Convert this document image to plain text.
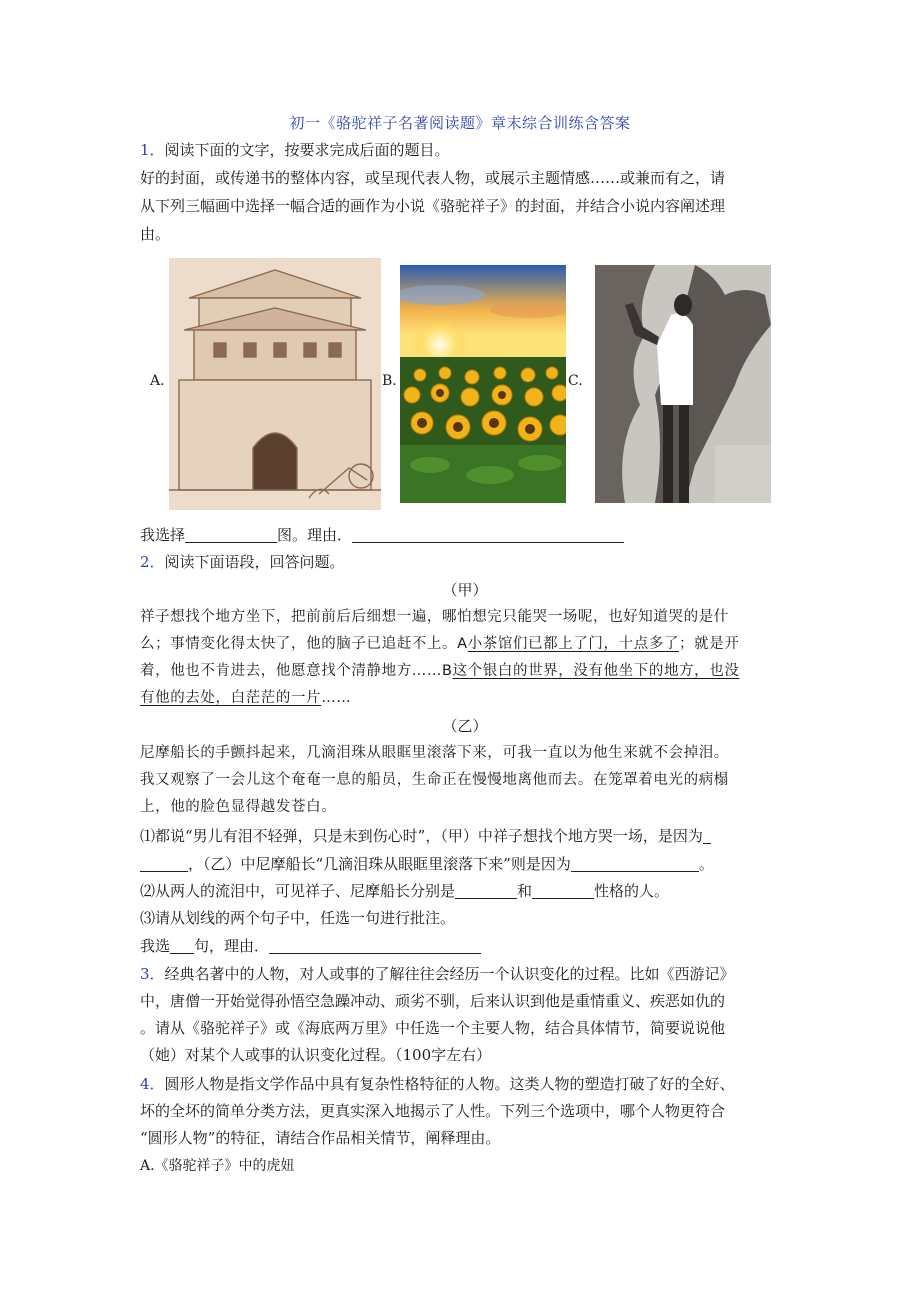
初一《骆驼祥子名著阅读题》章末综合训练含答案
1．阅读下面的文字，按要求完成后面的题目。
好的封面，或传递书的整体内容，或呈现代表人物，或展示主题情感……或兼而有之，请
从下列三幅画中选择一幅合适的画作为小说《骆驼祥子》的封面，并结合小说内容阐述理
由。
A.	B.	C.
我选择	图。理由．
2．阅读下面语段，回答问题。
（甲）
祥子想找个地方坐下，把前前后后细想一遍，哪怕想完只能哭一场呢，也好知道哭的是什
么；事情变化得太快了，他的脑子已追赶不上。A小茶馆们已都上了门，十点多了；就是开
着，他也不肯进去，他愿意找个清静地方……B这个银白的世界，没有他坐下的地方，也没
有他的去处，白茫茫的一片……
（乙）
尼摩船长的手颤抖起来，几滴泪珠从眼眶里滚落下来，可我一直以为他生来就不会掉泪。
我又观察了一会儿这个奄奄一息的船员，生命正在慢慢地离他而去。在笼罩着电光的病榻
上，他的脸色显得越发苍白。
⑴都说“男儿有泪不轻弹，只是未到伤心时”，（甲）中祥子想找个地方哭一场，是因为
，（乙）中尼摩船长“几滴泪珠从眼眶里滚落下来”则是因为	。
⑵从两人的流泪中，可见祥子、尼摩船长分别是	和	性格的人。
⑶请从划线的两个句子中，任选一句进行批注。
我选 句，理由．
3．经典名著中的人物，对人或事的了解往往会经历一个认识变化的过程。比如《西游记》
中，唐僧一开始觉得孙悟空急躁冲动、顽劣不驯，后来认识到他是重情重义、疾恶如仇的
。请从《骆驼祥子》或《海底两万里》中任选一个主要人物，结合具体情节，简要说说他
（她）对某个人或事的认识变化过程。（100字左右）
4．圆形人物是指文学作品中具有复杂性格特征的人物。这类人物的塑造打破了好的全好、
坏的全坏的简单分类方法，更真实深入地揭示了人性。下列三个选项中，哪个人物更符合
“圆形人物”的特征，请结合作品相关情节，阐释理由。
A.《骆驼祥子》中的虎妞
